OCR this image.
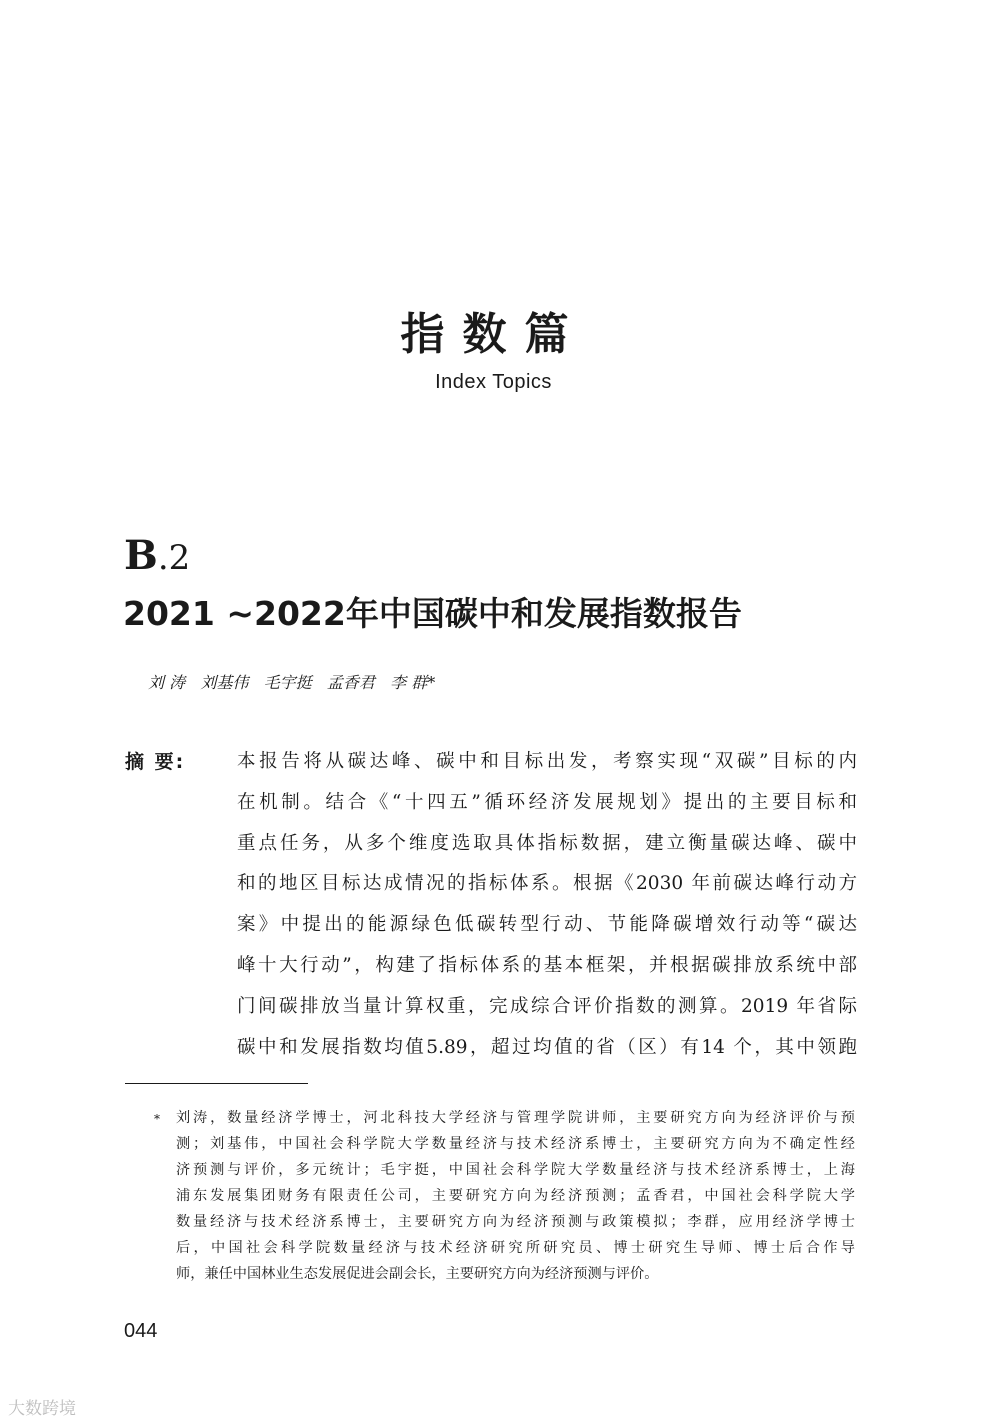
指数篇
Index Topics
B.2
2021 ~2022年中国碳中和发展指数报告
刘 涛   刘基伟   毛宇挺   孟香君   李 群*
摘 要:	本报告将从碳达峰、碳中和目标出发，考察实现“双碳”目标的内
在机制。结合《“十四五”循环经济发展规划》提出的主要目标和
重点任务，从多个维度选取具体指标数据，建立衡量碳达峰、碳中
和的地区目标达成情况的指标体系。根据《2030 年前碳达峰行动方
案》中提出的能源绿色低碳转型行动、节能降碳增效行动等“碳达
峰十大行动”，构建了指标体系的基本框架，并根据碳排放系统中部
门间碳排放当量计算权重，完成综合评价指数的测算。2019 年省际
碳中和发展指数均值5.89，超过均值的省（区）有14 个，其中领跑
* 刘涛，数量经济学博士，河北科技大学经济与管理学院讲师，主要研究方向为经济评价与预
测；刘基伟，中国社会科学院大学数量经济与技术经济系博士，主要研究方向为不确定性经
济预测与评价，多元统计；毛宇挺，中国社会科学院大学数量经济与技术经济系博士，上海
浦东发展集团财务有限责任公司，主要研究方向为经济预测；孟香君，中国社会科学院大学
数量经济与技术经济系博士，主要研究方向为经济预测与政策模拟；李群，应用经济学博士
后，中国社会科学院数量经济与技术经济研究所研究员、博士研究生导师、博士后合作导
师，兼任中国林业生态发展促进会副会长，主要研究方向为经济预测与评价。
044
大数跨境
